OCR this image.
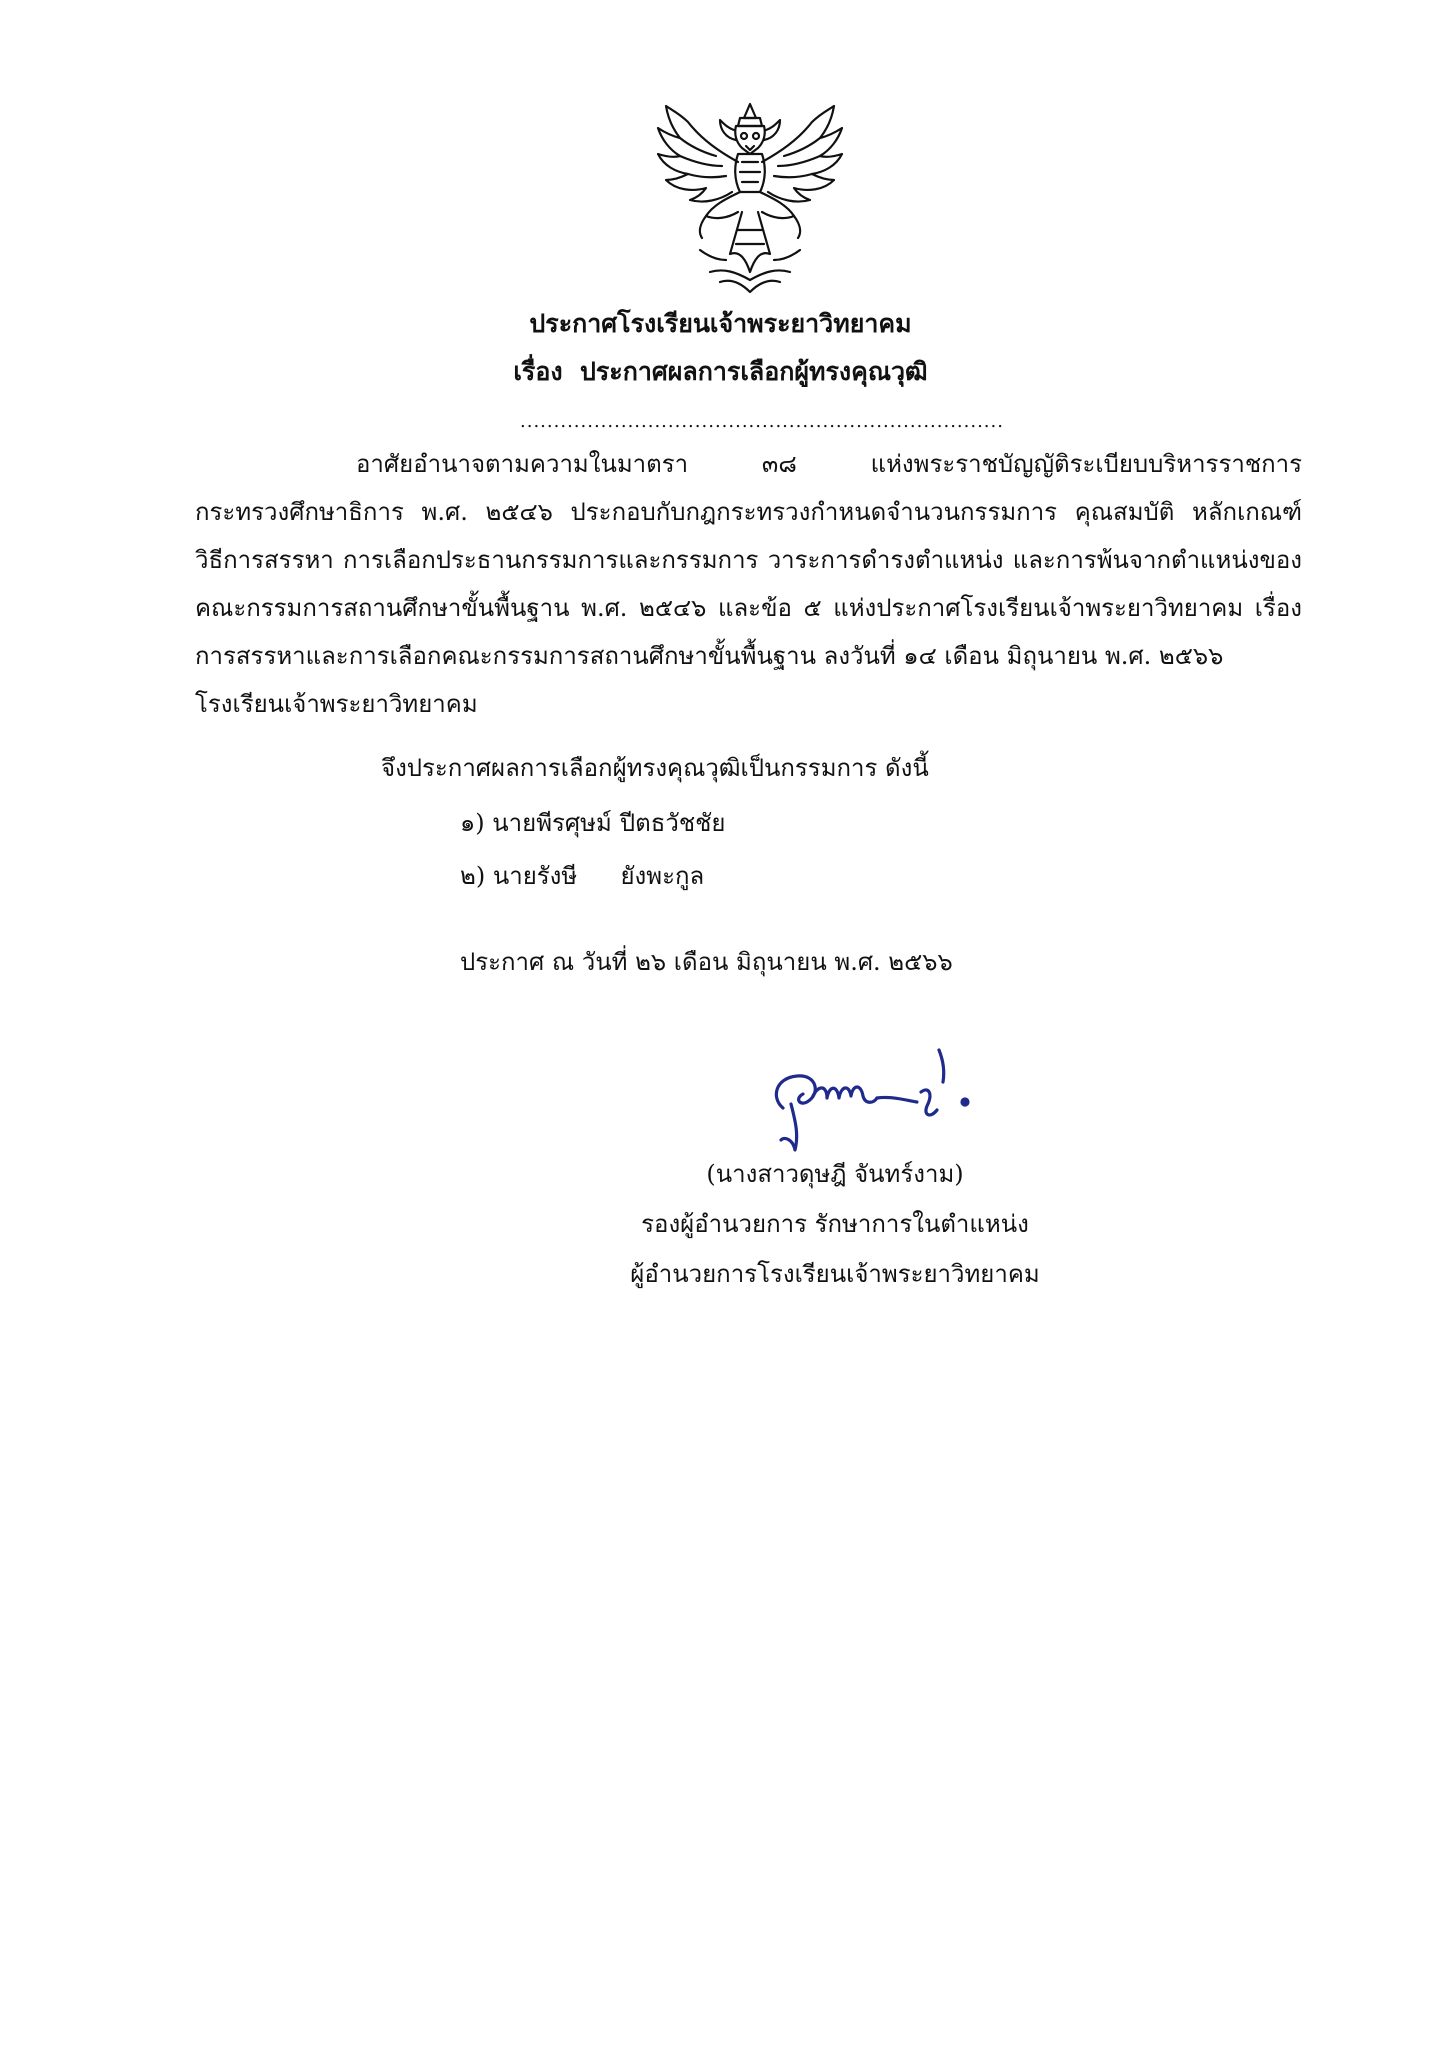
ประกาศโรงเรียนเจ้าพระยาวิทยาคม
เรื่อง ประกาศผลการเลือกผู้ทรงคุณวุฒิ
........................................................................
อาศัยอำนาจตามความในมาตรา ๓๘ แห่งพระราชบัญญัติระเบียบบริหารราชการ
กระทรวงศึกษาธิการ พ.ศ. ๒๕๔๖ ประกอบกับกฎกระทรวงกำหนดจำนวนกรรมการ คุณสมบัติ หลักเกณฑ์
วิธีการสรรหา การเลือกประธานกรรมการและกรรมการ วาระการดำรงตำแหน่ง และการพ้นจากตำแหน่งของ
คณะกรรมการสถานศึกษาขั้นพื้นฐาน พ.ศ. ๒๕๔๖ และข้อ ๕ แห่งประกาศโรงเรียนเจ้าพระยาวิทยาคม เรื่อง
การสรรหาและการเลือกคณะกรรมการสถานศึกษาขั้นพื้นฐาน ลงวันที่ ๑๔ เดือน มิถุนายน พ.ศ. ๒๕๖๖
โรงเรียนเจ้าพระยาวิทยาคม
จึงประกาศผลการเลือกผู้ทรงคุณวุฒิเป็นกรรมการ ดังนี้
๑) นายพีรศุษม์ ปีตธวัชชัย
๒) นายรังษี ยังพะกูล
ประกาศ ณ วันที่ ๒๖ เดือน มิถุนายน พ.ศ. ๒๕๖๖
(นางสาวดุษฎี จันทร์งาม)
รองผู้อำนวยการ รักษาการในตำแหน่ง
ผู้อำนวยการโรงเรียนเจ้าพระยาวิทยาคม
